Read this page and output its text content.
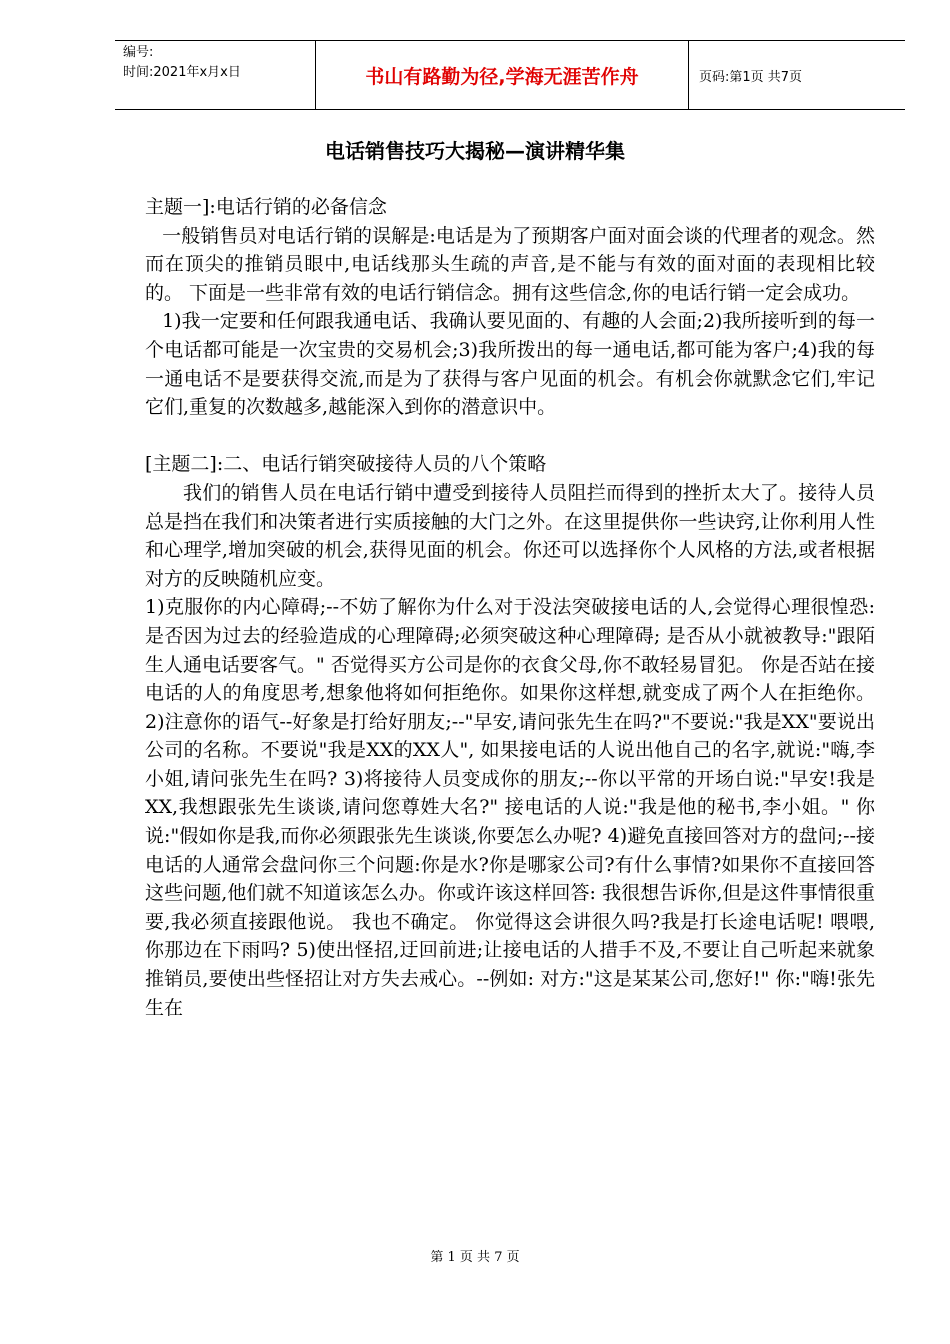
编号:
时间:2021年x月x日	书山有路勤为径,学海无涯苦作舟	页码:第1页 共7页
电话销售技巧大揭秘—演讲精华集

主题一]:电话行销的必备信念

一般销售员对电话行销的误解是:电话是为了预期客户面对面会谈的代理者的观念。然而在顶尖的推销员眼中,电话线那头生疏的声音,是不能与有效的面对面的表现相比较的。 下面是一些非常有效的电话行销信念。拥有这些信念,你的电话行销一定会成功。

1)我一定要和任何跟我通电话、我确认要见面的、有趣的人会面;2)我所接听到的每一个电话都可能是一次宝贵的交易机会;3)我所拨出的每一通电话,都可能为客户;4)我的每一通电话不是要获得交流,而是为了获得与客户见面的机会。有机会你就默念它们,牢记它们,重复的次数越多,越能深入到你的潜意识中。

[主题二]:二、电话行销突破接待人员的八个策略

我们的销售人员在电话行销中遭受到接待人员阻拦而得到的挫折太大了。接待人员总是挡在我们和决策者进行实质接触的大门之外。在这里提供你一些诀窍,让你利用人性和心理学,增加突破的机会,获得见面的机会。你还可以选择你个人风格的方法,或者根据对方的反映随机应变。

1)克服你的内心障碍;--不妨了解你为什么对于没法突破接电话的人,会觉得心理很惶恐:是否因为过去的经验造成的心理障碍;必须突破这种心理障碍; 是否从小就被教导:"跟陌生人通电话要客气。" 否觉得买方公司是你的衣食父母,你不敢轻易冒犯。 你是否站在接电话的人的角度思考,想象他将如何拒绝你。如果你这样想,就变成了两个人在拒绝你。 2)注意你的语气--好象是打给好朋友;--"早安,请问张先生在吗?"不要说:"我是XX"要说出公司的名称。不要说"我是XX的XX人", 如果接电话的人说出他自己的名字,就说:"嗨,李小姐,请问张先生在吗? 3)将接待人员变成你的朋友;--你以平常的开场白说:"早安!我是XX,我想跟张先生谈谈,请问您尊姓大名?" 接电话的人说:"我是他的秘书,李小姐。" 你说:"假如你是我,而你必须跟张先生谈谈,你要怎么办呢? 4)避免直接回答对方的盘问;--接电话的人通常会盘问你三个问题:你是水?你是哪家公司?有什么事情?如果你不直接回答这些问题,他们就不知道该怎么办。你或许该这样回答: 我很想告诉你,但是这件事情很重要,我必须直接跟他说。 我也不确定。 你觉得这会讲很久吗?我是打长途电话呢! 喂喂,你那边在下雨吗? 5)使出怪招,迂回前进;让接电话的人措手不及,不要让自己听起来就象推销员,要使出些怪招让对方失去戒心。--例如: 对方:"这是某某公司,您好!" 你:"嗨!张先生在

第 1 页 共 7 页
